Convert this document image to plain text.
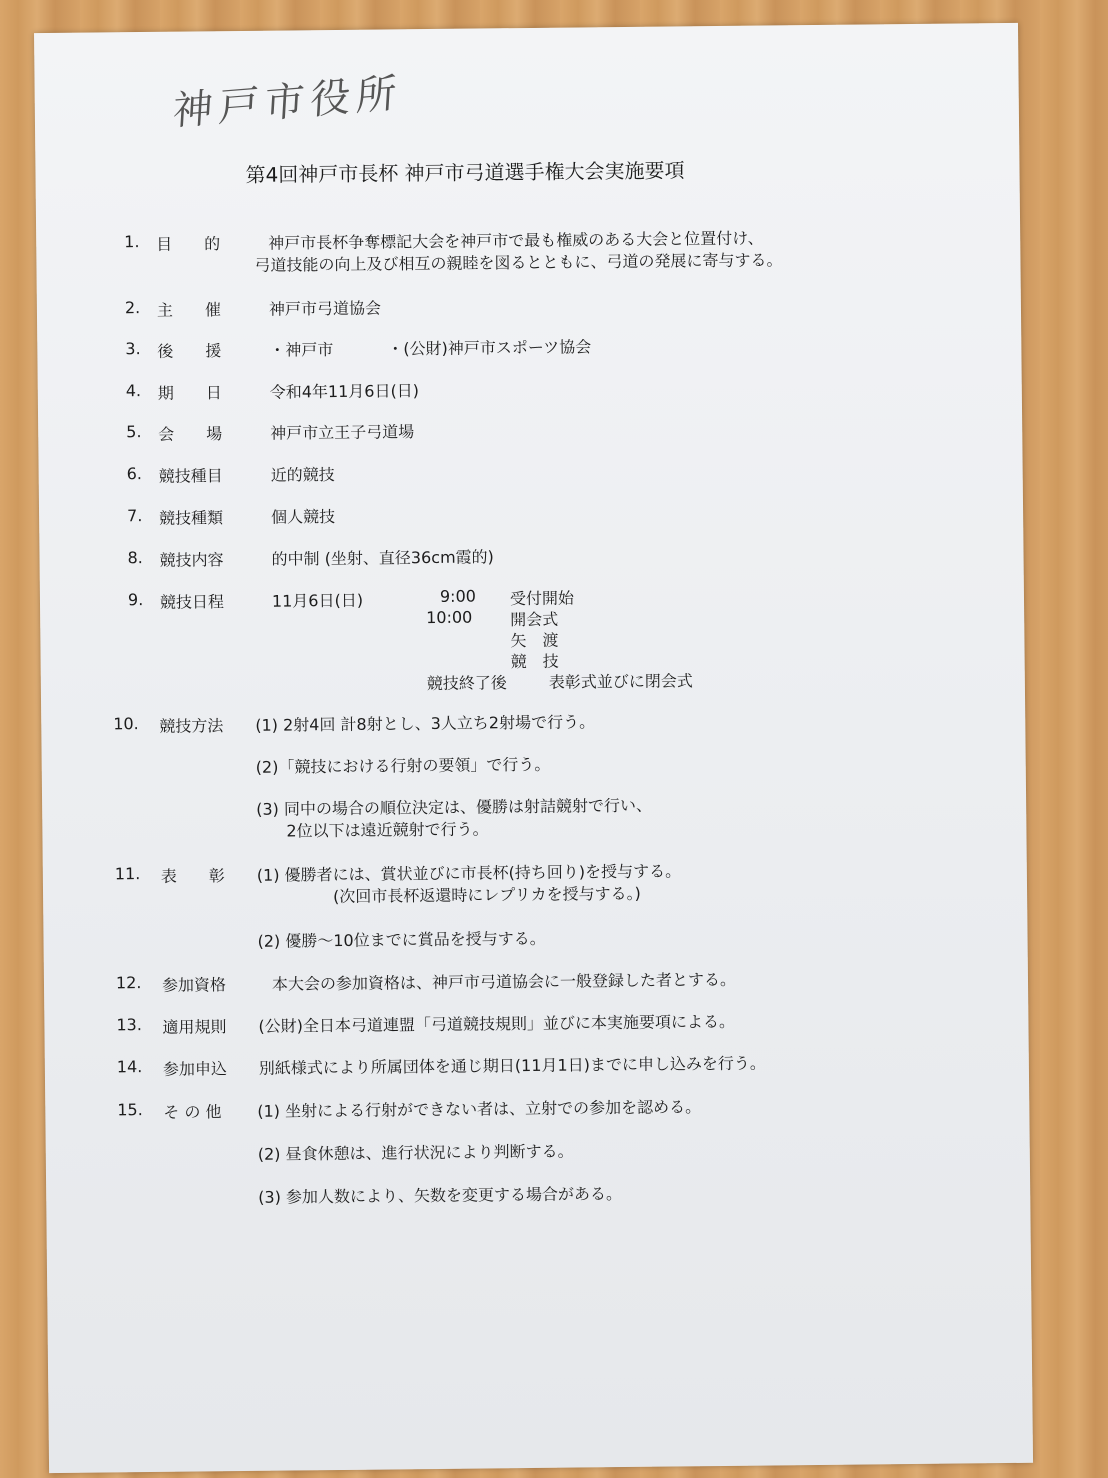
神戸市役所
第4回神戸市長杯 神戸市弓道選手権大会実施要項
1. 目　　的	神戸市長杯争奪標記大会を神戸市で最も権威のある大会と位置付け、
弓道技能の向上及び相互の親睦を図るとともに、弓道の発展に寄与する。
2. 主　　催	神戸市弓道協会
3. 後　　援	・神戸市	・(公財)神戸市スポーツ協会
4. 期　　日	令和4年11月6日(日)
5. 会　　場	神戸市立王子弓道場
6. 競技種目	近的競技
7. 競技種類	個人競技
8. 競技内容	的中制 (坐射、直径36cm霞的)
9. 競技日程	11月6日(日)	9:00 受付開始
10:00 開会式
矢　渡
競　技
競技終了後	表彰式並びに閉会式
10. 競技方法 (1) 2射4回 計8射とし、3人立ち2射場で行う。
(2)「競技における行射の要領」で行う。
(3) 同中の場合の順位決定は、優勝は射詰競射で行い、
2位以下は遠近競射で行う。
11. 表　　彰 (1) 優勝者には、賞状並びに市長杯(持ち回り)を授与する。
(次回市長杯返還時にレプリカを授与する。)
(2) 優勝～10位までに賞品を授与する。
12. 参加資格	本大会の参加資格は、神戸市弓道協会に一般登録した者とする。
13. 適用規則 (公財)全日本弓道連盟「弓道競技規則」並びに本実施要項による。
14. 参加申込 別紙様式により所属団体を通じ期日(11月1日)までに申し込みを行う。
15. そ の 他 (1) 坐射による行射ができない者は、立射での参加を認める。
(2) 昼食休憩は、進行状況により判断する。
(3) 参加人数により、矢数を変更する場合がある。
